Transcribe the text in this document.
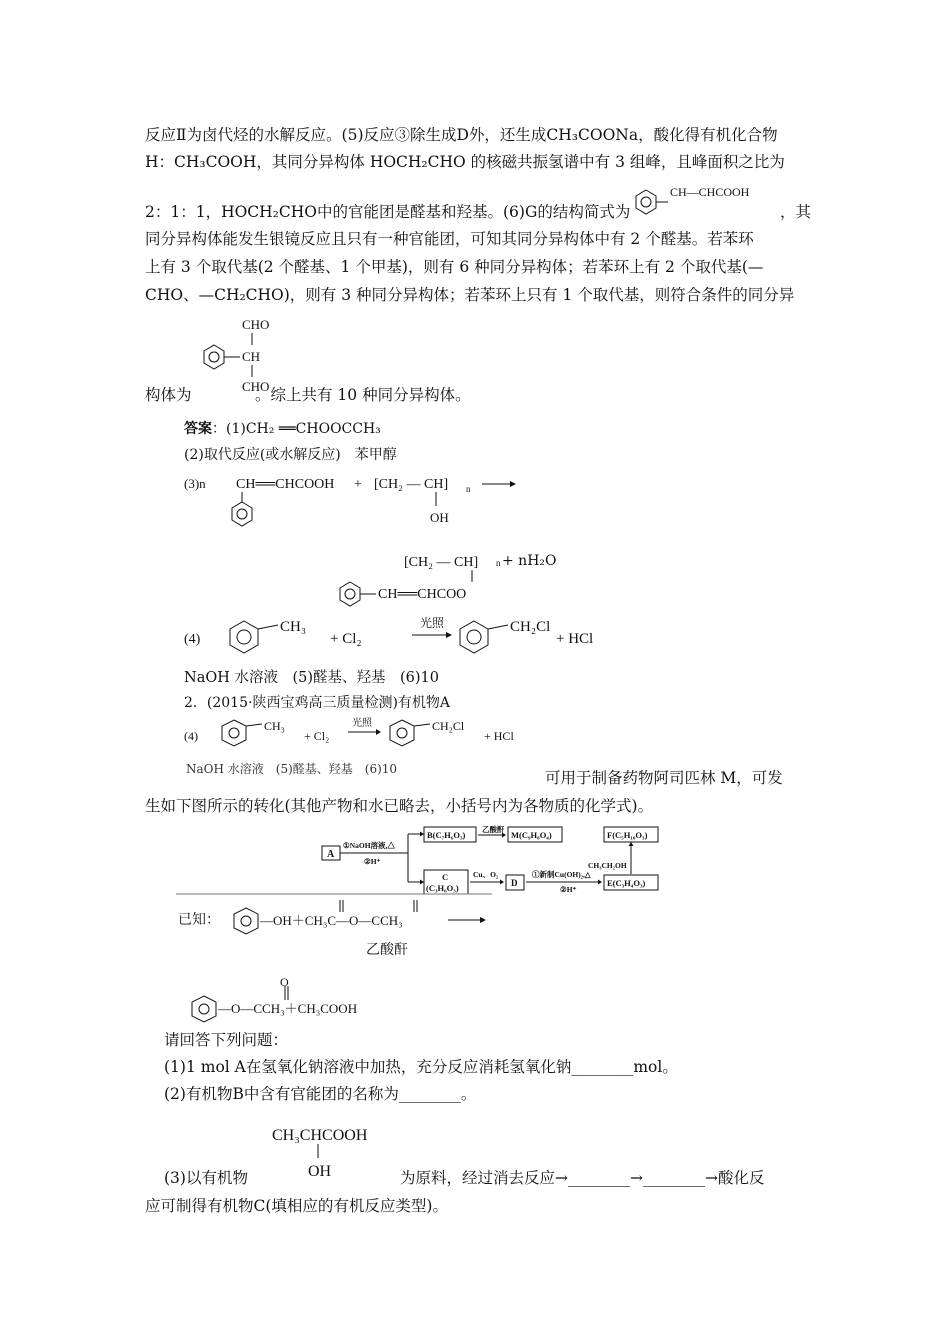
反应Ⅱ为卤代烃的水解反应。(5)反应③除生成D外，还生成CH₃COONa，酸化得有机化合物
H：CH₃COOH，其同分异构体 HOCH₂CHO 的核磁共振氢谱中有 3 组峰，且峰面积之比为
2：1：1，HOCH₂CHO中的官能团是醛基和羟基。(6)G的结构简式为
CH—CHCOOH
，其
同分异构体能发生银镜反应且只有一种官能团，可知其同分异构体中有 2 个醛基。若苯环
上有 3 个取代基(2 个醛基、1 个甲基)，则有 6 种同分异构体；若苯环上有 2 个取代基(—
CHO、—CH₂CHO)，则有 3 种同分异构体；若苯环上只有 1 个取代基，则符合条件的同分异
CHO
CH
CHO
构体为	。综上共有 10 种同分异构体。
答案：(1)CH₂ ══CHOOCCH₃
(2)取代反应(或水解反应)　苯甲醇
(3)n CH══CHCOOH + [CH₂ — CH] n
OH
[CH₂ — CH] n
CH══CHCOO
+ nH₂O
(4)
CH₃
+ Cl₂
光照	CH₂Cl
+ HCl
NaOH 水溶液　(5)醛基、羟基　(6)10
2．(2015·陕西宝鸡高三质量检测)有机物A
(4)
CH₃
+ Cl₂
光照	CH₂Cl
+ HCl
NaOH 水溶液　(5)醛基、羟基　(6)10	可用于制备药物阿司匹林 M，可发
生如下图所示的转化(其他产物和水已略去，小括号内为各物质的化学式)。
A
①NaOH溶液,△
②H⁺
B(C₇H₆O₃)
乙酸酐
M(C₉H₈O₄)
C
(C₃H₆O₃)
Cu、O₂
D
①新制Cu(OH)₂,△
②H⁺
E(C₃H₄O₃)
CH₃CH₂OH
F(C₅H₁₀O₃)
已知：	—OH＋CH₃C—O—CCH₃
乙酸酐
O
—O—CCH₃＋CH₃COOH
请回答下列问题：
(1)1 mol A在氢氧化钠溶液中加热，充分反应消耗氢氧化钠________mol。
(2)有机物B中含有官能团的名称为________。
CH₃CHCOOH
OH
(3)以有机物	为原料，经过消去反应→________→________→酸化反
应可制得有机物C(填相应的有机反应类型)。
